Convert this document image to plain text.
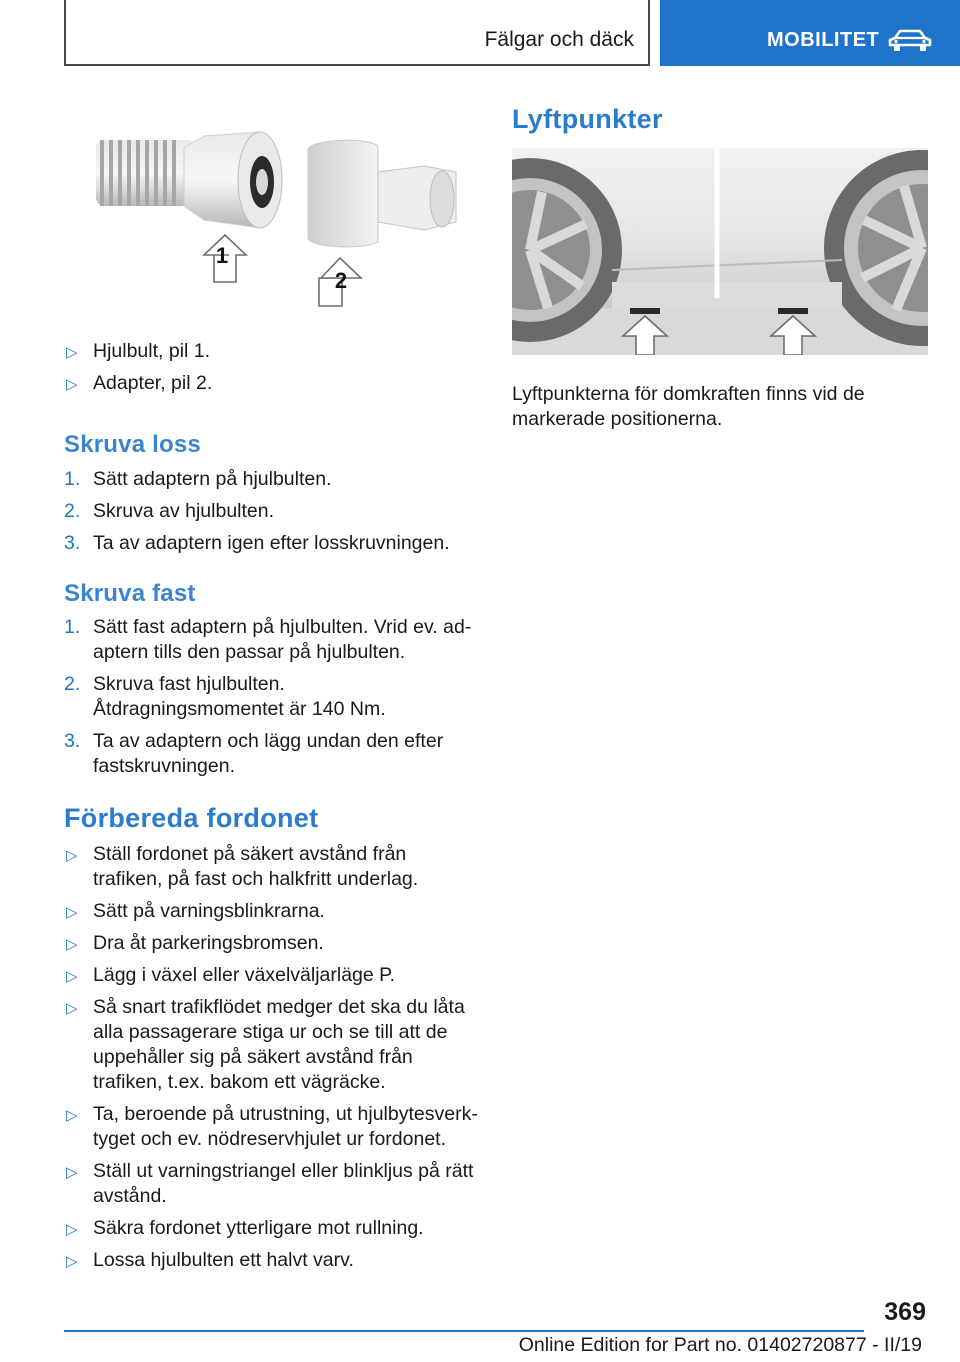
Fälgar och däck	MOBILITET
1
2
▷ Hjulbult, pil 1.
▷ Adapter, pil 2.
Skruva loss
1. Sätt adaptern på hjulbulten.
2. Skruva av hjulbulten.
3. Ta av adaptern igen efter losskruvningen.
Skruva fast
1. Sätt fast adaptern på hjulbulten. Vrid ev. adaptern tills den passar på hjulbulten.
2. Skruva fast hjulbulten. Åtdragningsmomentet är 140 Nm.
3. Ta av adaptern och lägg undan den efter fastskruvningen.
Förbereda fordonet
▷ Ställ fordonet på säkert avstånd från trafiken, på fast och halkfritt underlag.
▷ Sätt på varningsblinkrarna.
▷ Dra åt parkeringsbromsen.
▷ Lägg i växel eller växelväljarläge P.
▷ Så snart trafikflödet medger det ska du låta alla passagerare stiga ur och se till att de uppehåller sig på säkert avstånd från trafiken, t.ex. bakom ett vägräcke.
▷ Ta, beroende på utrustning, ut hjulbytesverktyget och ev. nödreservhjulet ur fordonet.
▷ Ställ ut varningstriangel eller blinkljus på rätt avstånd.
▷ Säkra fordonet ytterligare mot rullning.
▷ Lossa hjulbulten ett halvt varv.
Lyftpunkter

Lyftpunkterna för domkraften finns vid de markerade positionerna.

369
Online Edition for Part no. 01402720877 - II/19
